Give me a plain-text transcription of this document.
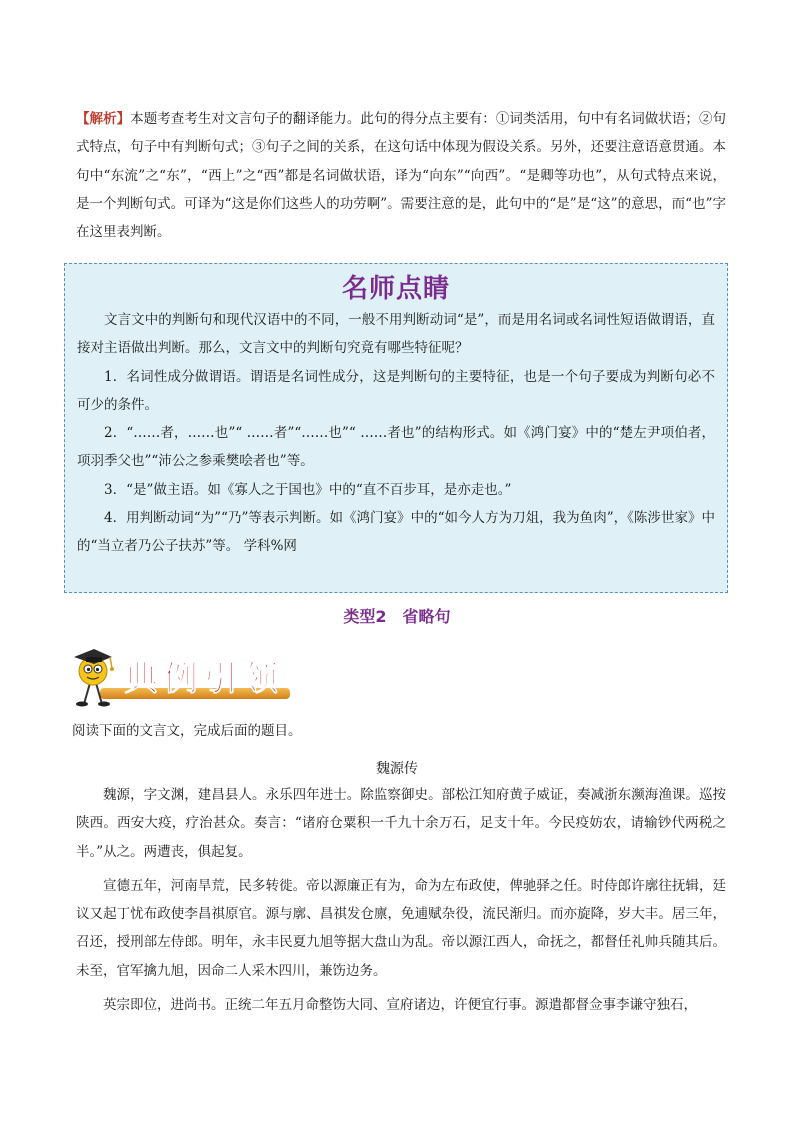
【解析】本题考查考生对文言句子的翻译能力。此句的得分点主要有：①词类活用，句中有名词做状语；②句式特点，句子中有判断句式；③句子之间的关系，在这句话中体现为假设关系。另外，还要注意语意贯通。本句中“东流”之“东”，“西上”之“西”都是名词做状语，译为“向东”“向西”。“是卿等功也”，从句式特点来说，是一个判断句式。可译为“这是你们这些人的功劳啊”。需要注意的是，此句中的“是”是“这”的意思，而“也”字在这里表判断。
名师点睛

文言文中的判断句和现代汉语中的不同，一般不用判断动词“是”，而是用名词或名词性短语做谓语，直接对主语做出判断。那么，文言文中的判断句究竟有哪些特征呢？

1．名词性成分做谓语。谓语是名词性成分，这是判断句的主要特征，也是一个句子要成为判断句必不可少的条件。

2．“……者，……也”“ ……者”“……也”“ ……者也”的结构形式。如《鸿门宴》中的“楚左尹项伯者，项羽季父也”“沛公之参乘樊哙者也”等。

3．“是”做主语。如《寡人之于国也》中的“直不百步耳，是亦走也。”

4．用判断动词“为”“乃”等表示判断。如《鸿门宴》中的“如今人方为刀俎，我为鱼肉”，《陈涉世家》中的“当立者乃公子扶苏”等。 学科%网

类型2　省略句
典例引领
阅读下面的文言文，完成后面的题目。
魏源传

魏源，字文渊，建昌县人。永乐四年进士。除监察御史。部松江知府黄子威证，奏减浙东濒海渔课。巡按陕西。西安大疫，疗治甚众。奏言：“诸府仓粟积一千九十余万石，足支十年。今民疫妨农，请输钞代两税之半。”从之。两遭丧，俱起复。

宣德五年，河南旱荒，民多转徙。帝以源廉正有为，命为左布政使，俾驰驿之任。时侍郎许廓往抚辑，廷议又起丁忧布政使李昌祺原官。源与廓、昌祺发仓廪，免逋赋杂役，流民渐归。而亦旋降，岁大丰。居三年，召还，授刑部左侍郎。明年，永丰民夏九旭等据大盘山为乱。帝以源江西人，命抚之，都督任礼帅兵随其后。未至，官军擒九旭，因命二人采木四川，兼饬边务。

英宗即位，进尚书。正统二年五月命整饬大同、宣府诸边，许便宜行事。源遣都督佥事李谦守独石，
